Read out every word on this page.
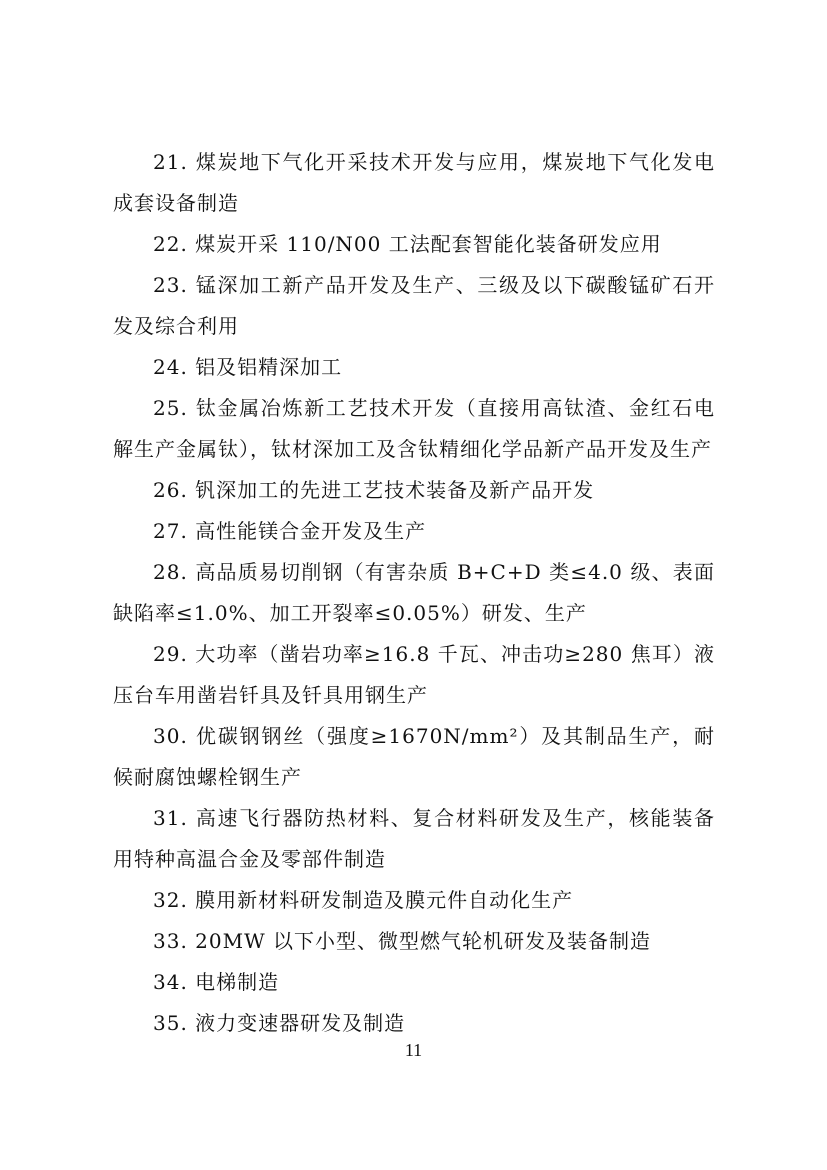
21. 煤炭地下气化开采技术开发与应用，煤炭地下气化发电成套设备制造

22. 煤炭开采 110/N00 工法配套智能化装备研发应用

23. 锰深加工新产品开发及生产、三级及以下碳酸锰矿石开发及综合利用

24. 铝及铝精深加工

25. 钛金属冶炼新工艺技术开发（直接用高钛渣、金红石电解生产金属钛），钛材深加工及含钛精细化学品新产品开发及生产

26. 钒深加工的先进工艺技术装备及新产品开发

27. 高性能镁合金开发及生产

28. 高品质易切削钢（有害杂质 B+C+D 类≤4.0 级、表面缺陷率≤1.0%、加工开裂率≤0.05%）研发、生产

29. 大功率（凿岩功率≥16.8 千瓦、冲击功≥280 焦耳）液压台车用凿岩钎具及钎具用钢生产

30. 优碳钢钢丝（强度≥1670N/mm²）及其制品生产，耐候耐腐蚀螺栓钢生产

31. 高速飞行器防热材料、复合材料研发及生产，核能装备用特种高温合金及零部件制造

32. 膜用新材料研发制造及膜元件自动化生产

33. 20MW 以下小型、微型燃气轮机研发及装备制造

34. 电梯制造

35. 液力变速器研发及制造

11
